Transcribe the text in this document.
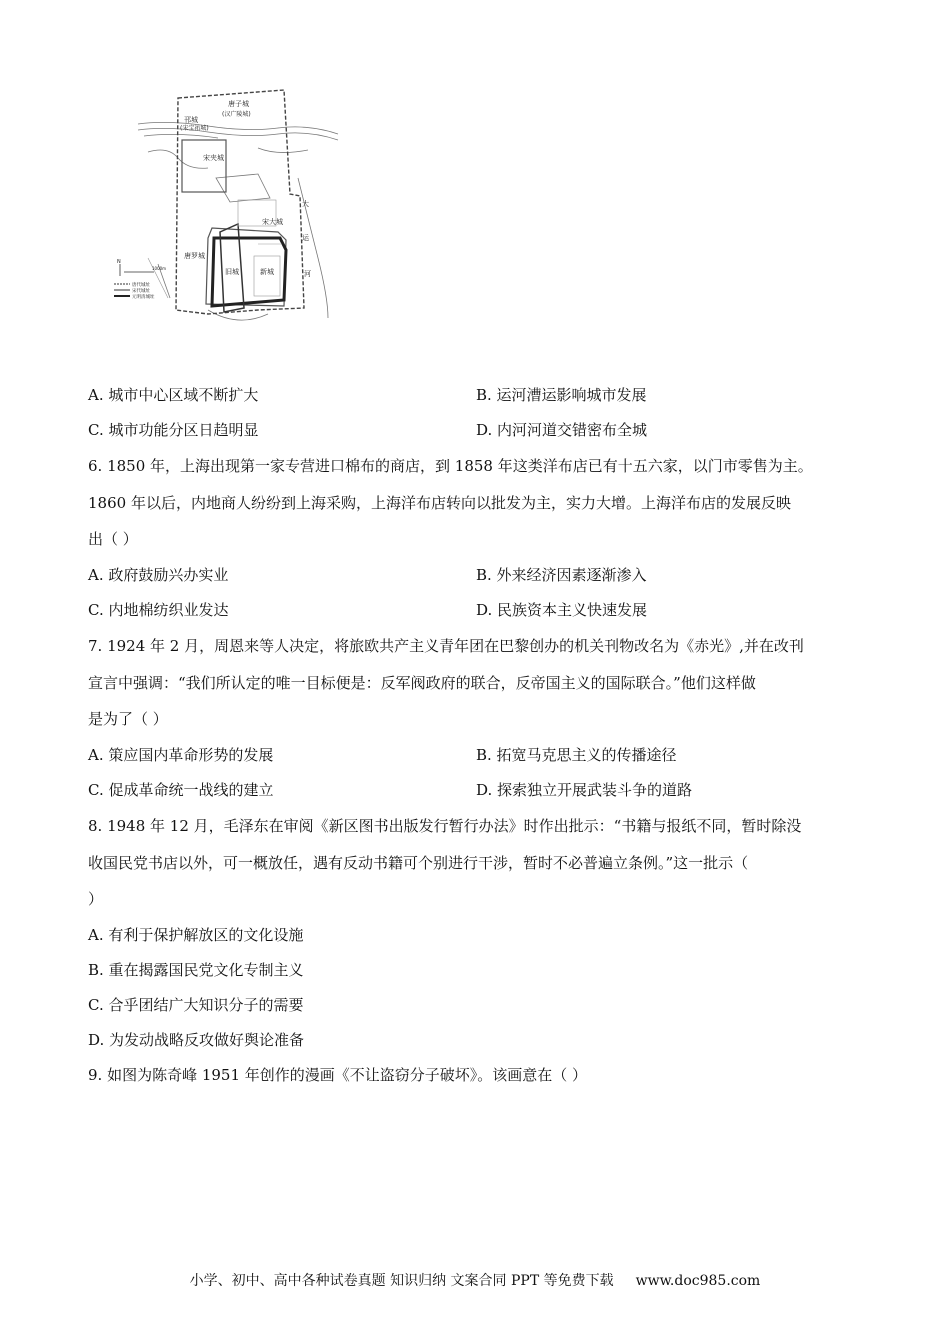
唐子城
(汉广陵城)
邗城
(宋宝祐城)
宋夹城
宋大城
唐罗城
旧城	新城
运
河
大
N
1000m
唐代城址
宋代城址
元明清城址
A. 城市中心区域不断扩大	B. 运河漕运影响城市发展
C. 城市功能分区日趋明显	D. 内河河道交错密布全城
6. 1850 年，上海出现第一家专营进口棉布的商店，到 1858 年这类洋布店已有十五六家，以门市零售为主。
1860 年以后，内地商人纷纷到上海采购，上海洋布店转向以批发为主，实力大增。上海洋布店的发展反映
出（ ）
A. 政府鼓励兴办实业	B. 外来经济因素逐渐渗入
C. 内地棉纺织业发达	D. 民族资本主义快速发展
7. 1924 年 2 月，周恩来等人决定，将旅欧共产主义青年团在巴黎创办的机关刊物改名为《赤光》,并在改刊
宣言中强调：“我们所认定的唯一目标便是：反军阀政府的联合，反帝国主义的国际联合。”他们这样做
是为了（ ）
A. 策应国内革命形势的发展	B. 拓宽马克思主义的传播途径
C. 促成革命统一战线的建立	D. 探索独立开展武装斗争的道路
8. 1948 年 12 月，毛泽东在审阅《新区图书出版发行暂行办法》时作出批示：“书籍与报纸不同，暂时除没
收国民党书店以外，可一概放任，遇有反动书籍可个别进行干涉，暂时不必普遍立条例。”这一批示（
）
A. 有利于保护解放区的文化设施
B. 重在揭露国民党文化专制主义
C. 合乎团结广大知识分子的需要
D. 为发动战略反攻做好舆论准备
9. 如图为陈奇峰 1951 年创作的漫画《不让盗窃分子破坏》。该画意在（ ）
小学、初中、高中各种试卷真题 知识归纳 文案合同 PPT 等免费下载 www.doc985.com
